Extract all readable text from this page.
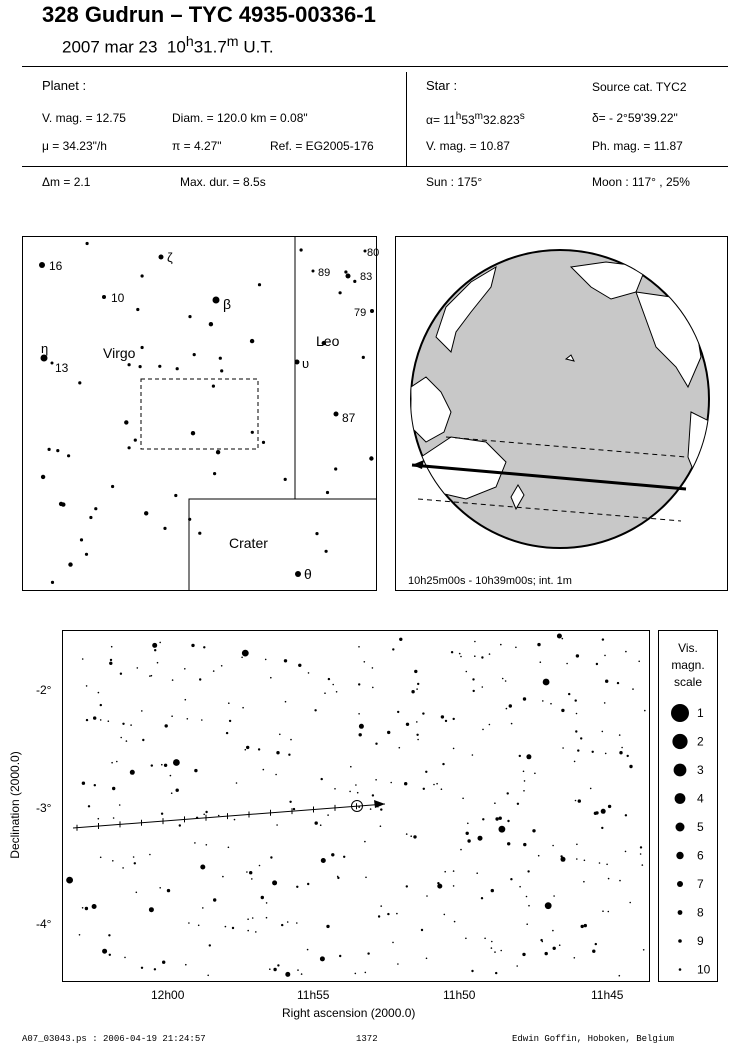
328 Gudrun – TYC 4935-00336-1
2007 mar 23 10$^h$31.7$^m$ U.T.
Planet :
V. mag. = 12.75	Diam. = 120.0 km = 0.08"
μ = 34.23"/h	π = 4.27"	Ref. = EG2005-176
Star :	Source cat. TYC2
$\alpha= 11^h53^m32.823^s$	δ= - 2°59'39.22"
V. mag. = 10.87	Ph. mag. = 11.87
Δm = 2.1	Max. dur. = 8.5s	Sun : 175°	Moon : 117° , 25%
16
ζ
10	β
η
13
Virgo
Leo
Crater
80
89	83
79
υ
87
θ	10h25m00s - 10h39m00s; int. 1m
Declination (2000.0)
-2°
-3°
-4°
12h00	11h55	11h50	11h45
Right ascension (2000.0)
Vis.
magn.
scale
1
2
3
4
5
6
7
8
9
10
A07_03043.ps : 2006-04-19 21:24:57	1372	Edwin Goffin, Hoboken, Belgium
